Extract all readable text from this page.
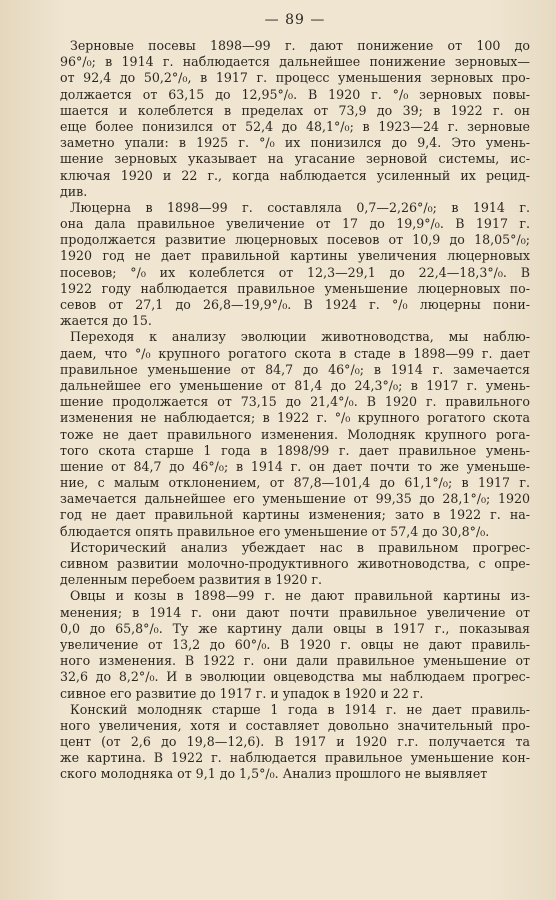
— 89 —
Зерновые посевы 1898—99 г. дают понижение от 100 до
96°/₀; в 1914 г. наблюдается дальнейшее понижение зерновых—
от 92,4 до 50,2°/₀, в 1917 г. процесс уменьшения зерновых про-
должается от 63,15 до 12,95°/₀. В 1920 г. °/₀ зерновых повы-
шается и колеблется в пределах от 73,9 до 39; в 1922 г. он
еще более понизился от 52,4 до 48,1°/₀; в 1923—24 г. зерновые
заметно упали: в 1925 г. °/₀ их понизился до 9,4. Это умень-
шение зерновых указывает на угасание зерновой системы, ис-
ключая 1920 и 22 г., когда наблюдается усиленный их рецид-
див.
Люцерна в 1898—99 г. составляла 0,7—2,26°/₀; в 1914 г.
она дала правильное увеличение от 17 до 19,9°/₀. В 1917 г.
продолжается развитие люцерновых посевов от 10,9 до 18,05°/₀;
1920 год не дает правильной картины увеличения люцерновых
посевов; °/₀ их колеблется от 12,3—29,1 до 22,4—18,3°/₀. В
1922 году наблюдается правильное уменьшение люцерновых по-
севов от 27,1 до 26,8—19,9°/₀. В 1924 г. °/₀ люцерны пони-
жается до 15.
Переходя к анализу эволюции животноводства, мы наблю-
даем, что °/₀ крупного рогатого скота в стаде в 1898—99 г. дает
правильное уменьшение от 84,7 до 46°/₀; в 1914 г. замечается
дальнейшее его уменьшение от 81,4 до 24,3°/₀; в 1917 г. умень-
шение продолжается от 73,15 до 21,4°/₀. В 1920 г. правильного
изменения не наблюдается; в 1922 г. °/₀ крупного рогатого скота
тоже не дает правильного изменения. Молодняк крупного рога-
того скота старше 1 года в 1898/99 г. дает правильное умень-
шение от 84,7 до 46°/₀; в 1914 г. он дает почти то же уменьше-
ние, с малым отклонением, от 87,8—101,4 до 61,1°/₀; в 1917 г.
замечается дальнейшее его уменьшение от 99,35 до 28,1°/₀; 1920
год не дает правильной картины изменения; зато в 1922 г. на-
блюдается опять правильное его уменьшение от 57,4 до 30,8°/₀.
Исторический анализ убеждает нас в правильном прогрес-
сивном развитии молочно-продуктивного животноводства, с опре-
деленным перебоем развития в 1920 г.
Овцы и козы в 1898—99 г. не дают правильной картины из-
менения; в 1914 г. они дают почти правильное увеличение от
0,0 до 65,8°/₀. Ту же картину дали овцы в 1917 г., показывая
увеличение от 13,2 до 60°/₀. В 1920 г. овцы не дают правиль-
ного изменения. В 1922 г. они дали правильное уменьшение от
32,6 до 8,2°/₀. И в эволюции овцеводства мы наблюдаем прогрес-
сивное его развитие до 1917 г. и упадок в 1920 и 22 г.
Конский молодняк старше 1 года в 1914 г. не дает правиль-
ного увеличения, хотя и составляет довольно значительный про-
цент (от 2,6 до 19,8—12,6). В 1917 и 1920 г.г. получается та
же картина. В 1922 г. наблюдается правильное уменьшение кон-
ского молодняка от 9,1 до 1,5°/₀. Анализ прошлого не выявляет
